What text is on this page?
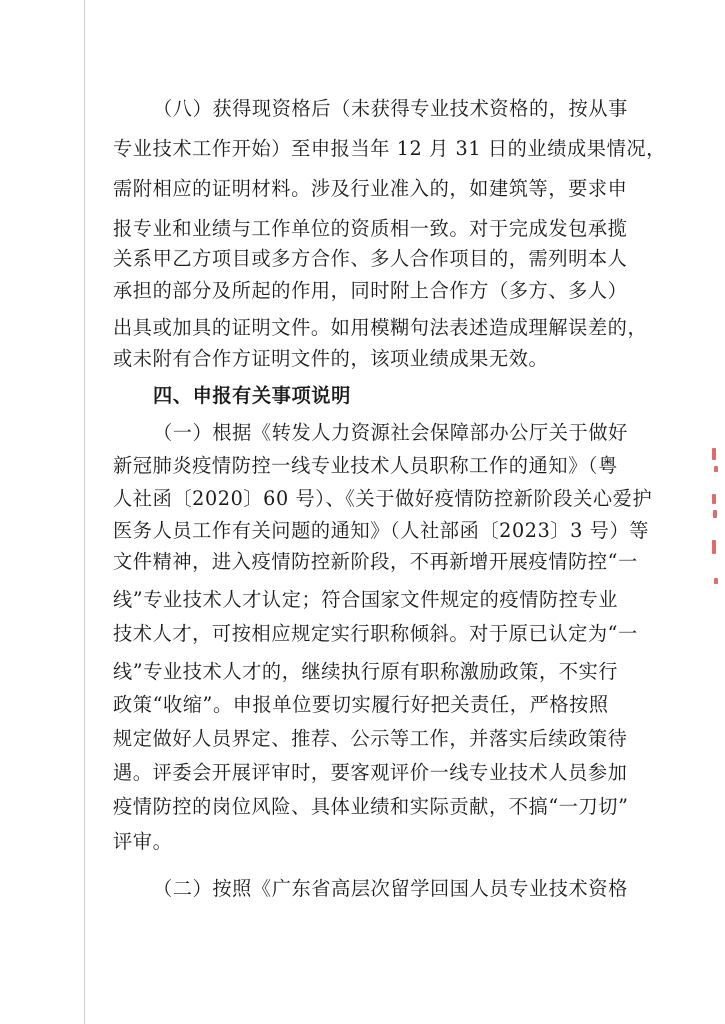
（八）获得现资格后（未获得专业技术资格的，按从事
专业技术工作开始）至申报当年 12 月 31 日的业绩成果情况，
需附相应的证明材料。涉及行业准入的，如建筑等，要求申
报专业和业绩与工作单位的资质相一致。对于完成发包承揽
关系甲乙方项目或多方合作、多人合作项目的，需列明本人
承担的部分及所起的作用，同时附上合作方（多方、多人）
出具或加具的证明文件。如用模糊句法表述造成理解误差的，
或未附有合作方证明文件的，该项业绩成果无效。
四、申报有关事项说明
（一）根据《转发人力资源社会保障部办公厅关于做好
新冠肺炎疫情防控一线专业技术人员职称工作的通知》（粤
人社函〔2020〕60 号）、《关于做好疫情防控新阶段关心爱护
医务人员工作有关问题的通知》（人社部函〔2023〕3 号）等
文件精神，进入疫情防控新阶段，不再新增开展疫情防控“一
线”专业技术人才认定；符合国家文件规定的疫情防控专业
技术人才，可按相应规定实行职称倾斜。对于原已认定为“一
线”专业技术人才的，继续执行原有职称激励政策，不实行
政策“收缩”。申报单位要切实履行好把关责任，严格按照
规定做好人员界定、推荐、公示等工作，并落实后续政策待
遇。评委会开展评审时，要客观评价一线专业技术人员参加
疫情防控的岗位风险、具体业绩和实际贡献，不搞“一刀切”
评审。
（二）按照《广东省高层次留学回国人员专业技术资格
